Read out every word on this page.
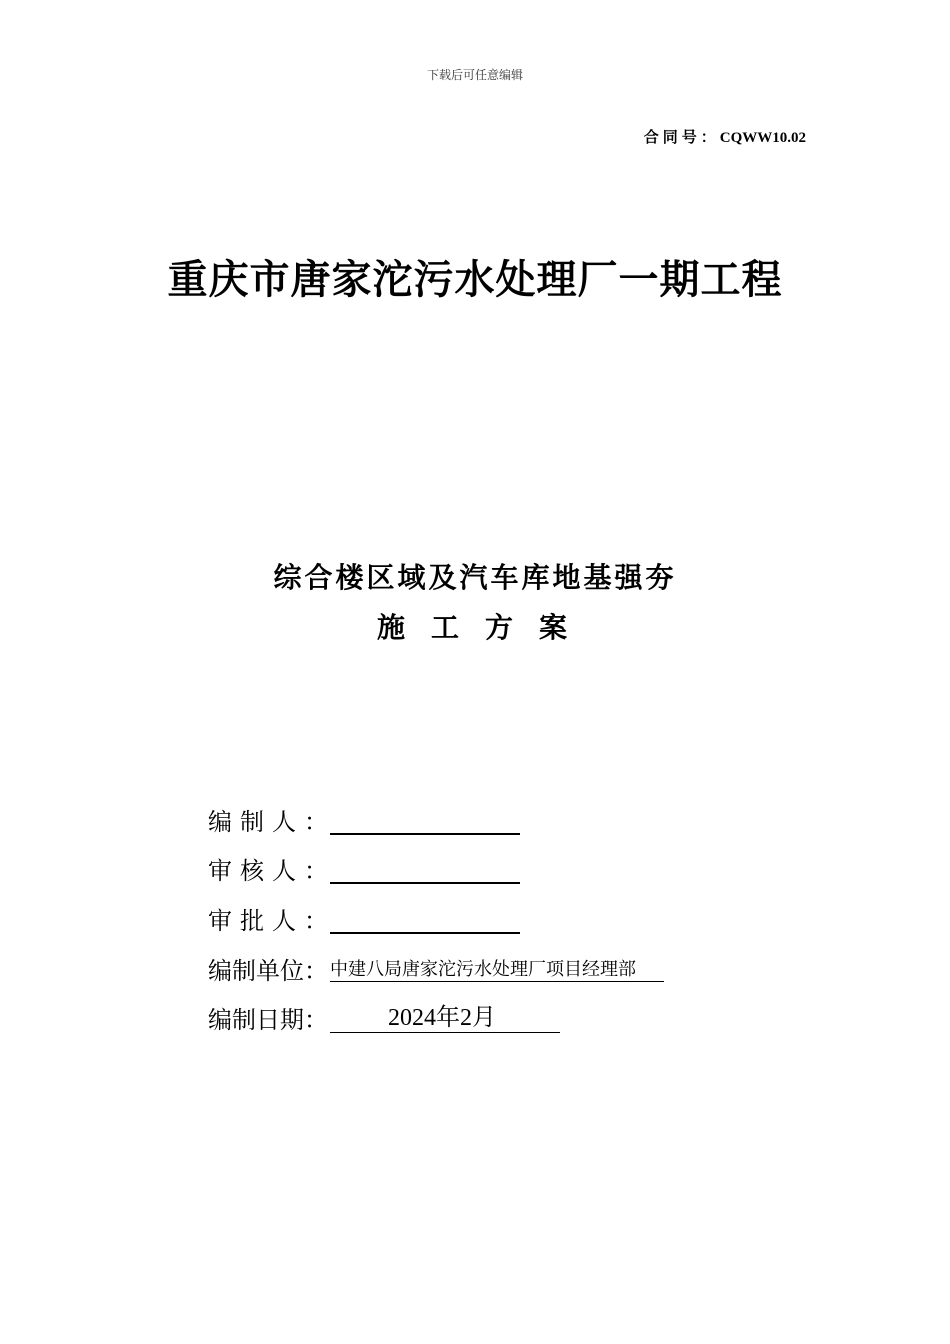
下载后可任意编辑
合同号：CQWW10.02
重庆市唐家沱污水处理厂一期工程
综合楼区域及汽车库地基强夯
施工方案
编制人 ：
审核人 ：
审批人 ：
编制单位 ： 中建八局唐家沱污水处理厂项目经理部
编制日期 ：	2024年2月
